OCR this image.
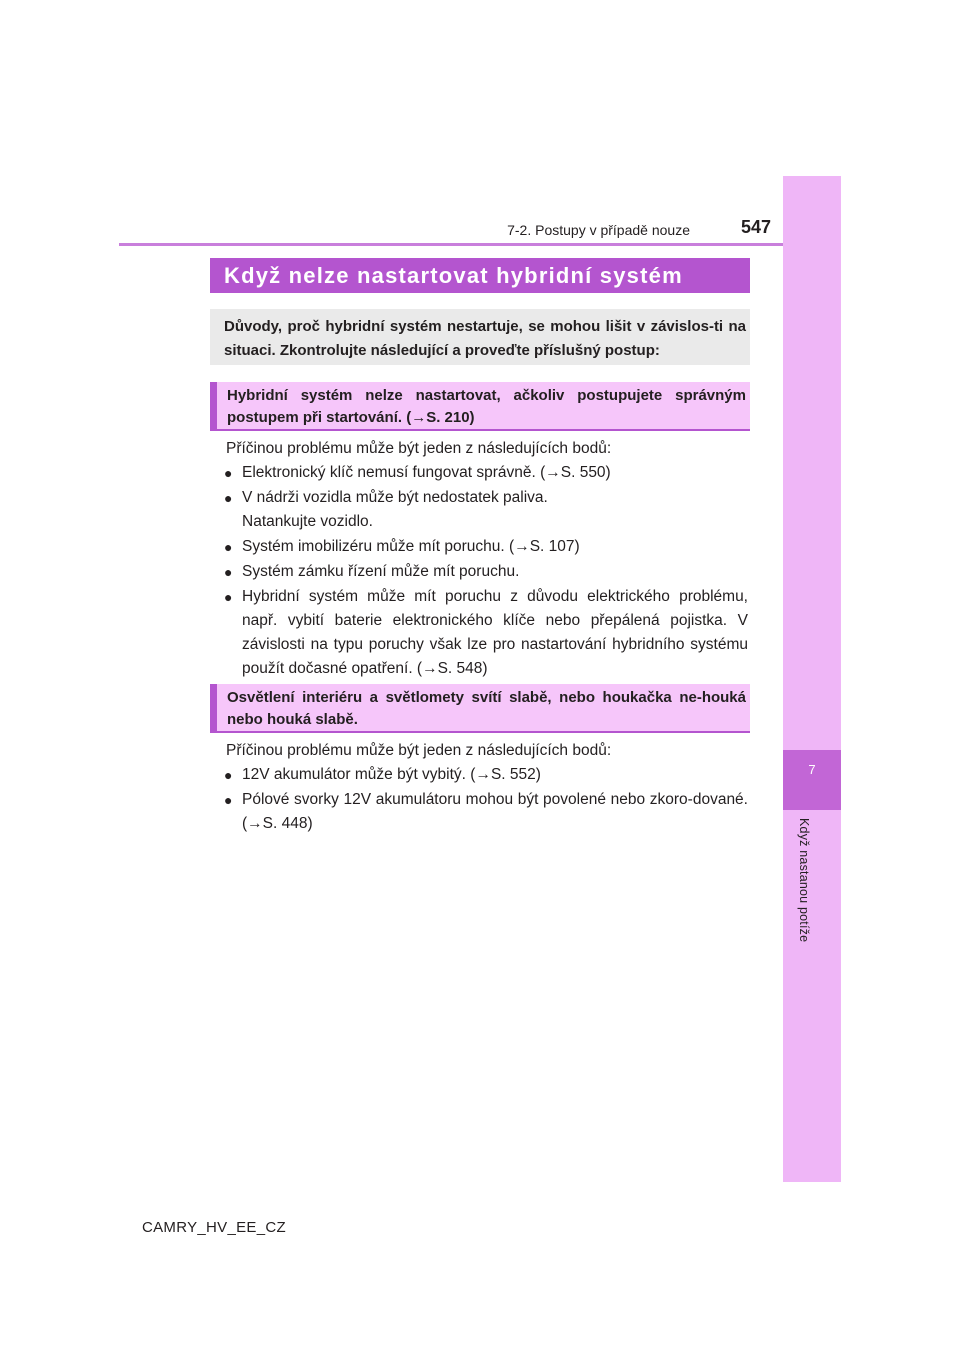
7
Když nastanou potíže
7-2. Postupy v případě nouze	547
Když nelze nastartovat hybridní systém
Důvody, proč hybridní systém nestartuje, se mohou lišit v závislos-ti na situaci. Zkontrolujte následující a proveďte příslušný postup:
Hybridní systém nelze nastartovat, ačkoliv postupujete správným postupem při startování. (→S. 210)

Příčinou problému může být jeden z následujících bodů:

● Elektronický klíč nemusí fungovat správně. (→S. 550)
● V nádrži vozidla může být nedostatek paliva.
Natankujte vozidlo.
● Systém imobilizéru může mít poruchu. (→S. 107)
● Systém zámku řízení může mít poruchu.
● Hybridní systém může mít poruchu z důvodu elektrického problému, např. vybití baterie elektronického klíče nebo přepálená pojistka. V závislosti na typu poruchy však lze pro nastartování hybridního systému použít dočasné opatření. (→S. 548)
Osvětlení interiéru a světlomety svítí slabě, nebo houkačka ne-houká nebo houká slabě.

Příčinou problému může být jeden z následujících bodů:

● 12V akumulátor může být vybitý. (→S. 552)
● Pólové svorky 12V akumulátoru mohou být povolené nebo zkoro-dované. (→S. 448)
CAMRY_HV_EE_CZ
